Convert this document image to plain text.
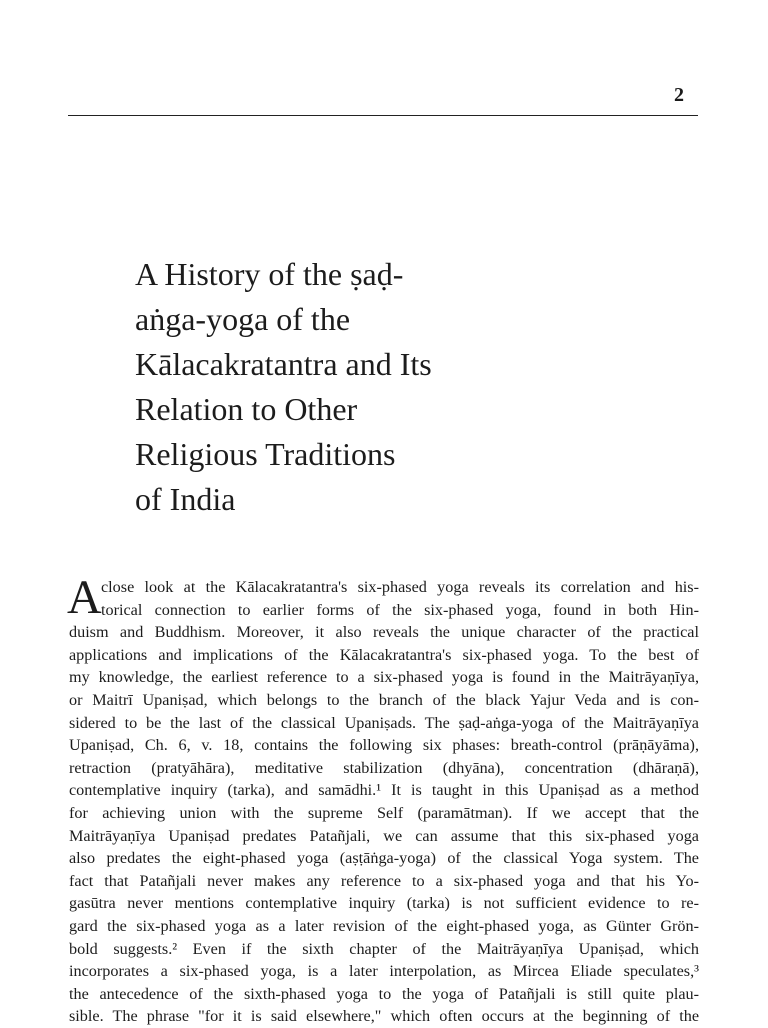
2
A History of the ṣaḍ-
aṅga-yoga of the
Kālacakratantra and Its
Relation to Other
Religious Traditions
of India
A close look at the Kālacakratantra's six-phased yoga reveals its correlation and his-
torical connection to earlier forms of the six-phased yoga, found in both Hin-
duism and Buddhism. Moreover, it also reveals the unique character of the practical
applications and implications of the Kālacakratantra's six-phased yoga. To the best of
my knowledge, the earliest reference to a six-phased yoga is found in the Maitrāyaṇīya,
or Maitrī Upaniṣad, which belongs to the branch of the black Yajur Veda and is con-
sidered to be the last of the classical Upaniṣads. The ṣaḍ-aṅga-yoga of the Maitrāyaṇīya
Upaniṣad, Ch. 6, v. 18, contains the following six phases: breath-control (prāṇāyāma),
retraction (pratyāhāra), meditative stabilization (dhyāna), concentration (dhāraṇā),
contemplative inquiry (tarka), and samādhi.¹ It is taught in this Upaniṣad as a method
for achieving union with the supreme Self (paramātman). If we accept that the
Maitrāyaṇīya Upaniṣad predates Patañjali, we can assume that this six-phased yoga
also predates the eight-phased yoga (aṣṭāṅga-yoga) of the classical Yoga system. The
fact that Patañjali never makes any reference to a six-phased yoga and that his Yo-
gasūtra never mentions contemplative inquiry (tarka) is not sufficient evidence to re-
gard the six-phased yoga as a later revision of the eight-phased yoga, as Günter Grön-
bold suggests.² Even if the sixth chapter of the Maitrāyaṇīya Upaniṣad, which
incorporates a six-phased yoga, is a later interpolation, as Mircea Eliade speculates,³
the antecedence of the sixth-phased yoga to the yoga of Patañjali is still quite plau-
sible. The phrase "for it is said elsewhere," which often occurs at the beginning of the
